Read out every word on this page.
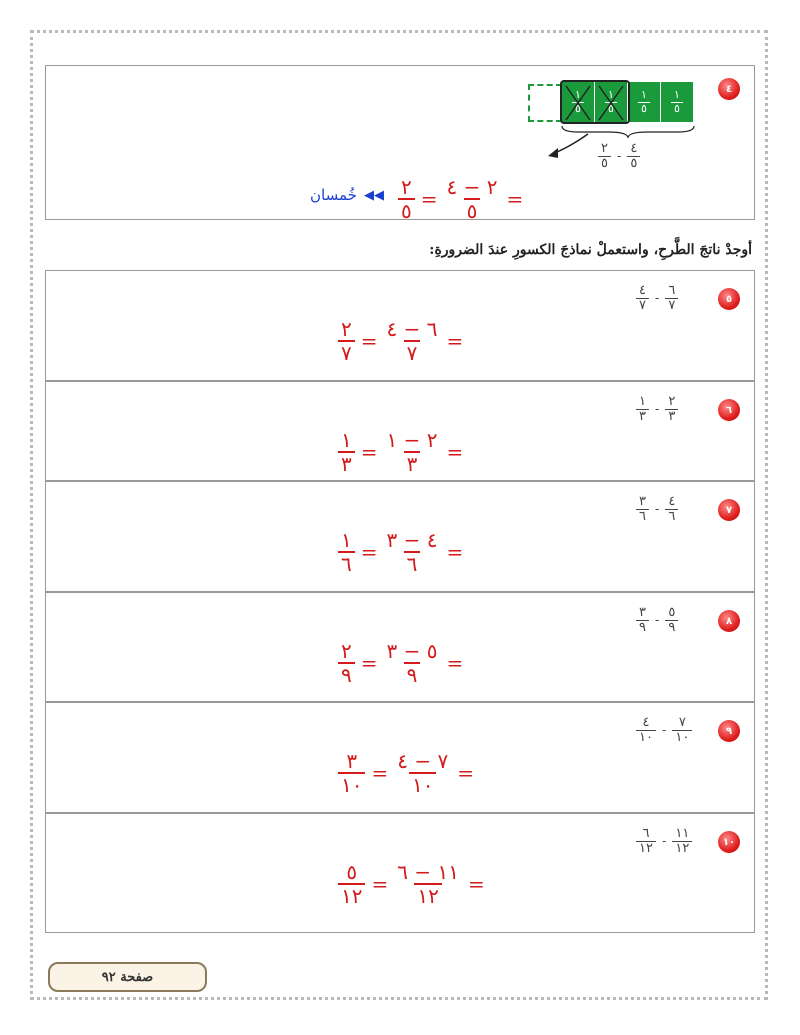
٤
$\frac{١}{٥} \frac{١}{٥} \frac{١}{٥} \frac{١}{٥}$
$\frac{٢}{٥} - \frac{٤}{٥}$
$\frac{٢}{٥} = \frac{٢ - ٤}{٥}$ =
◀◀
خُمسان
أوجدْ ناتجَ الطَّرحِ، واستعملْ نماذجَ الكسورِ عندَ الضرورةِ:
٥
$\frac{٤}{٧} - \frac{٦}{٧}$
$\frac{٢}{٧} = \frac{٦ - ٤}{٧}$ =
٦
$\frac{١}{٣} - \frac{٢}{٣}$
$\frac{١}{٣} = \frac{٢ - ١}{٣}$ =
٧
$\frac{٣}{٦} - \frac{٤}{٦}$
$\frac{١}{٦} = \frac{٤ - ٣}{٦}$ =
٨
$\frac{٣}{٩} - \frac{٥}{٩}$
$\frac{٢}{٩} = \frac{٥ - ٣}{٩}$ =
٩
$\frac{٤}{١٠} - \frac{٧}{١٠}$
$\frac{٣}{١٠} = \frac{٧ - ٤}{١٠}$ =
١٠
$\frac{٦}{١٢} - \frac{١١}{١٢}$
$\frac{٥}{١٢} = \frac{١١ - ٦}{١٢}$ =
صفحة ٩٢
